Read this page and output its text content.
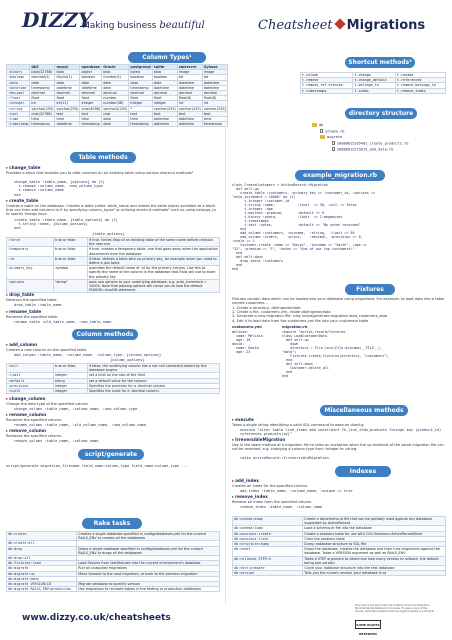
DIZZY
Making business beautiful	Cheatsheet Migrations
Column Types¹
	db2	mysql	openbase	Oracle	postgresql	sqlite	sqlserver	Sybase
:binary	blob(32768)	blob	object	blob	bytea	blob	image	image
:boolean	decimal(1)	tinyint(1)	boolean	number(1)	boolean	boolean	bit	bit
:date	date	date	date	date	date	date	datetime	datetime
:datetime	timestamp	datetime	datetime	date	timestamp	datetime	datetime	datetime
:decimal	decimal	decimal	decimal	decimal	decimal	decimal	decimal	decimal
:float	float	float	float	number	float	float	float(8)	float(8)
:integer	int	int(11)	integer	number(38)	integer	integer	int	int
:string	varchar(255)	varchar(255)	char(4096)	varchar2(255)	*	varchar(255)	varchar(255)	varchar(255)
:text	clob(32768)	text	text	clob	text	text	text	text
:time	time	time	time	date	time	datetime	datetime	time
:timestamp	timestamp	datetime	timestamp	date	timestamp	datetime	datetime	timestamp
Shortcut methods²
t.column	t.change	t.rename
t.remove	t.change_default	t.references
t.remove_ref-erences	t.belongs_to	t.remove_belongs_to
t.timestamps	t.index	t.remove_index
directory structure
db
schema.rb
migrate
20080812205401_create_products.rb
20080812215015_add_data.rb
Table methods
▸ change_table
Provides a block that enables you to alter columns on an existing table using various shortcut methods²
change_table :table_name, {options} do |t|
t.change :column_name, :new_column_type
t.remove :column_name
end
▸ create_table
Creates a table on the database. Creates a table called :table_name and makes the table object available to a block that can then add columns to it by specifying column_types¹ or utilizing shortcut methods² such as using belongs_to to specify foreign keys.
create_table :table_name, {table_options} do |t|
t.string :name, {column_options}
end
{table_options}
:force	true or false	if true, forces drop of an existing table of the same name before creation the new one
:temporary	true or false	if true, creates a temporary table, one that goes away when the application disconnects from the database
:id	true or false	if false, defines a table with no primary key, for example when you need to define a join table
:primary_key	:symbol	overrides the default name of :id for the primary column. Use this to specify the name of the column in the database that Rails will use to store the primary key
:options	"string"	pass raw options to your underlying database, e.g. auto_increment = 10000. Note that passing options will cause you to lose the default ENGINE=InnoDB statement
▸ drop_table
Destroys the specified table.
drop_table :table_name
▸ rename_table
Renames the specified table.
rename_table :old_table_name, :new_table_name
Column methods
▸ add_column
Creates a new column on the specified table.
add_column :table_name, :column_name, :column_type, {column_options}
{column_options}
:null	true or false	if false, the underlying column has a not null constraint added by the database engine
:limit	integer	set a limit on the size of the field
:default	string	set a default value for the column
:precision	integer	Specifies the precision for a :decimal column.
:scale	integer	Specifies the scale for a :decimal column.
▸ change_column
Change the data type of the specified column
change_column :table_name, :column_name, :new_column_type
▸ rename_column
Renames the specified column.
rename_column :table_name, :old_column_name, :new_column_name
▸ remove_column
Removes the specified column.
remove_column :table_name, :column_name
script/generate
script/generate migration_filename field_name:column_type field_name:column_type ...
Rake tasks
db:create	Creates a single database specified in config/databases.yml for the current RAILS_ENV or creates all the databases
db:create:all	
db:drop	Drops a single database specified in config/databases.yml for the current RAILS_ENV or drops all the databases
db:drop:all	
db:fixtures:load	Load fixtures from test/fixtures into the current environment's database
db:migrate	Run all unapplied migrations
db:migrate:up	Move forward to the next migration, or back to the previous migration
db:migrate:down	
db:migrate VERSION=18	Migrate database to specific version
db:migrate RAILS_ENV=production	Use migrations to recreate tables in the testing or production databases
example_migration.rb
class CreateCustomers < ActiveRecord::Migration
def self.up
create_table :customers, :primary_key => :customer_id, :options =>
"auto_increment = 10000" do |t|
t.integer :customer_id
t.string :name,           :limit  => 30, :null => false
t.integer :age
t.boolean :premium,       :default => 0
t.binary :photo,          :limit  => 2.megabytes
t.timestamps
t.text :notes,            :default => "No notes recorded"
end
add_column :customers, :surname,  :string,  :limit => 50
add_column :orders,    :price,    :decimal, :precision => 8,
:scale => 2
Customer.create :name => "David", :surname => "Smith", :age =>
"32", :premium => "1", :notes => "One of our top customers!"
end
def self.down
drop_table :customers
end
end
Fixtures
Fixtures contain data which can be loaded into your database using migrations. For example, to load data into a table named customers...
1. Create a directory, db/migrate/data
2. Create a file, customers.yml, inside db/migrate/data
3. Generate a new migration file: ruby script/generate migration load_customers_data
4. Edit it to load data from the customers.yml file into your customers table
customers.yml	migration.rb
melissa:
name: Melissa
age: 18
david:
name: David
age: 23
require 'active_record/fixtures'
class LoadCustomerData
def self.up
down
directory = File.join(File.dirname(__FILE__),
"data")
Fixtures.create_fixtures(directory, "customers")
end
def self.down
Customer.delete_all
end
end
Miscellaneous methods
▸ execute
Takes a single string identifying a valid SQL command to execute directly.
execute "alter table line_items add constraint fk_line_item_products foreign key (product_id) references products(id)"
▸ IrreversibleMigration
Use in the down method of a migration file to raise an exception when the up methods of the same migration file can not be reversed, e.g. changing a column type from :integer to :string.
raise ActiveRecord::IrreversibleMigration
Indexes
▸ add_index
Creates an index for the specified column.
add_index :table_name, :column_name, :unique => true
▸ remove_index
Remove an index from the specified column.
remove_index :table_name, :column_name
db:schema:dump	Create a db/schema.rb file that can be portably used against any database supported by ActiveRecord
db:schema:load	Load a schema.rb file into the database
db:sessions:create	Create a sessions table for use with CGI::Sessions::ActiveRecordStore
db:sessions:clear	Clear the sessions table
db:structure:dump	Dump database structure to SQL file
db:reset	Drops the database, creates the database and then runs migrations against the database. Takes a VERSION argument as well as RAILS_ENV
db:rollback STEP=4	Takes a STEP argument to determine how many version to rollback, the default being one version
db:test:prepare	Clone your database structure into the test database
db:version	Tells you the current version your database is at
www.dizzy.co.uk/cheatsheets
This work is licensed under the Creative Commons Attribution-NonCommercial-NoDerivs 2.0 License. To view a copy of this license, visit http://creativecommons.org/licenses/by-nc-nd/2.0/uk
SOME RIGHTS RESERVED
